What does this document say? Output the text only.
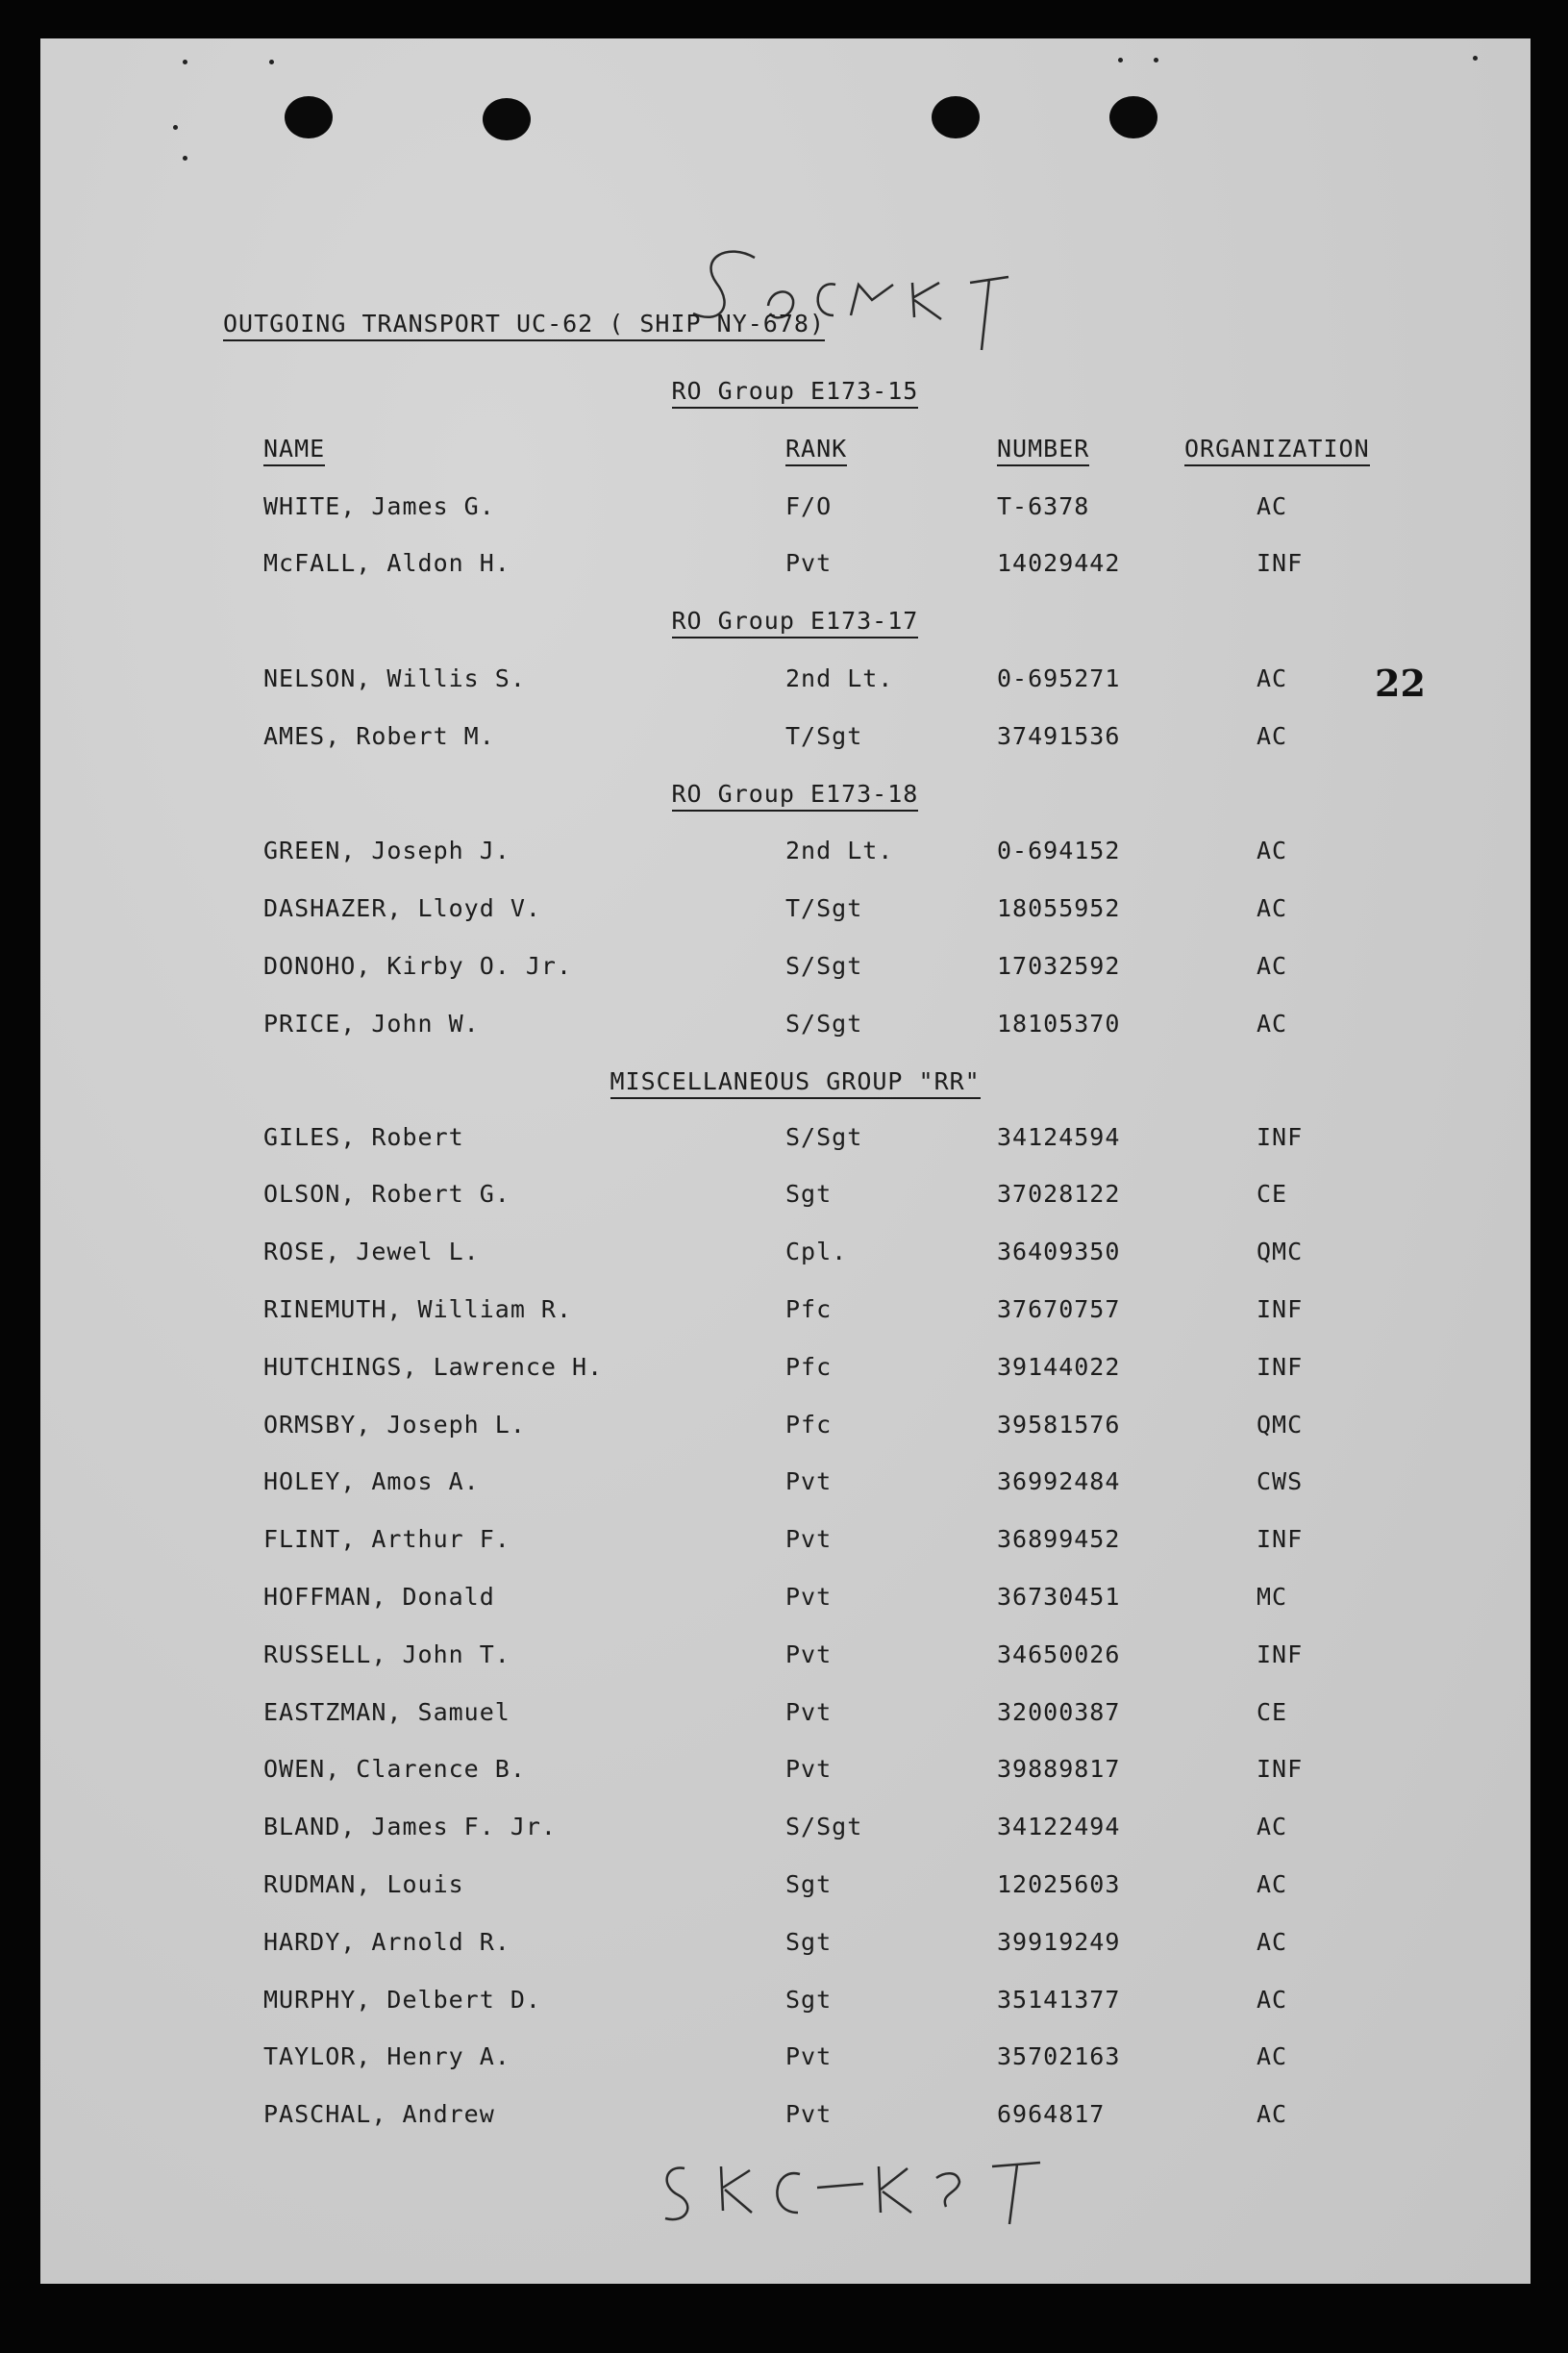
SECRET
SECRET
OUTGOING TRANSPORT UC-62 ( SHIP NY-678)
22
RO Group E173-15
NAME	RANK	NUMBER	ORGANIZATION
WHITE, James G.	F/O	T-6378	AC
McFALL, Aldon H.	Pvt	14029442	INF
RO Group E173-17
NELSON, Willis S.	2nd Lt.	0-695271	AC
AMES, Robert M.	T/Sgt	37491536	AC
RO Group E173-18
GREEN, Joseph J.	2nd Lt.	0-694152	AC
DASHAZER, Lloyd V.	T/Sgt	18055952	AC
DONOHO, Kirby O. Jr.	S/Sgt	17032592	AC
PRICE, John W.	S/Sgt	18105370	AC
MISCELLANEOUS GROUP "RR"
GILES, Robert	S/Sgt	34124594	INF
OLSON, Robert G.	Sgt	37028122	CE
ROSE, Jewel L.	Cpl.	36409350	QMC
RINEMUTH, William R.	Pfc	37670757	INF
HUTCHINGS, Lawrence H.	Pfc	39144022	INF
ORMSBY, Joseph L.	Pfc	39581576	QMC
HOLEY, Amos A.	Pvt	36992484	CWS
FLINT, Arthur F.	Pvt	36899452	INF
HOFFMAN, Donald	Pvt	36730451	MC
RUSSELL, John T.	Pvt	34650026	INF
EASTZMAN, Samuel	Pvt	32000387	CE
OWEN, Clarence B.	Pvt	39889817	INF
BLAND, James F. Jr.	S/Sgt	34122494	AC
RUDMAN, Louis	Sgt	12025603	AC
HARDY, Arnold R.	Sgt	39919249	AC
MURPHY, Delbert D.	Sgt	35141377	AC
TAYLOR, Henry A.	Pvt	35702163	AC
PASCHAL, Andrew	Pvt	6964817	AC
